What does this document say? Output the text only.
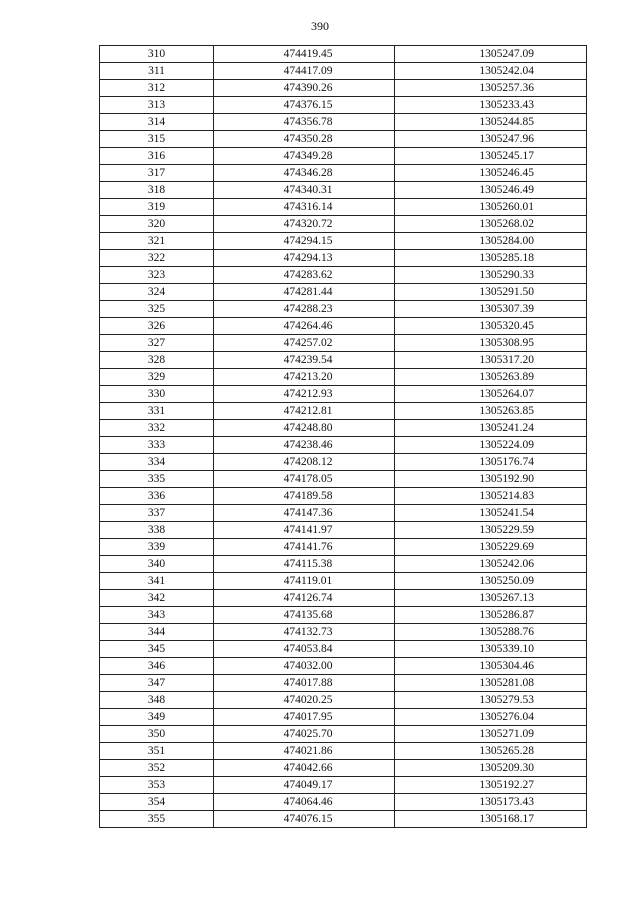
390
310	474419.45	1305247.09
311	474417.09	1305242.04
312	474390.26	1305257.36
313	474376.15	1305233.43
314	474356.78	1305244.85
315	474350.28	1305247.96
316	474349.28	1305245.17
317	474346.28	1305246.45
318	474340.31	1305246.49
319	474316.14	1305260.01
320	474320.72	1305268.02
321	474294.15	1305284.00
322	474294.13	1305285.18
323	474283.62	1305290.33
324	474281.44	1305291.50
325	474288.23	1305307.39
326	474264.46	1305320.45
327	474257.02	1305308.95
328	474239.54	1305317.20
329	474213.20	1305263.89
330	474212.93	1305264.07
331	474212.81	1305263.85
332	474248.80	1305241.24
333	474238.46	1305224.09
334	474208.12	1305176.74
335	474178.05	1305192.90
336	474189.58	1305214.83
337	474147.36	1305241.54
338	474141.97	1305229.59
339	474141.76	1305229.69
340	474115.38	1305242.06
341	474119.01	1305250.09
342	474126.74	1305267.13
343	474135.68	1305286.87
344	474132.73	1305288.76
345	474053.84	1305339.10
346	474032.00	1305304.46
347	474017.88	1305281.08
348	474020.25	1305279.53
349	474017.95	1305276.04
350	474025.70	1305271.09
351	474021.86	1305265.28
352	474042.66	1305209.30
353	474049.17	1305192.27
354	474064.46	1305173.43
355	474076.15	1305168.17
